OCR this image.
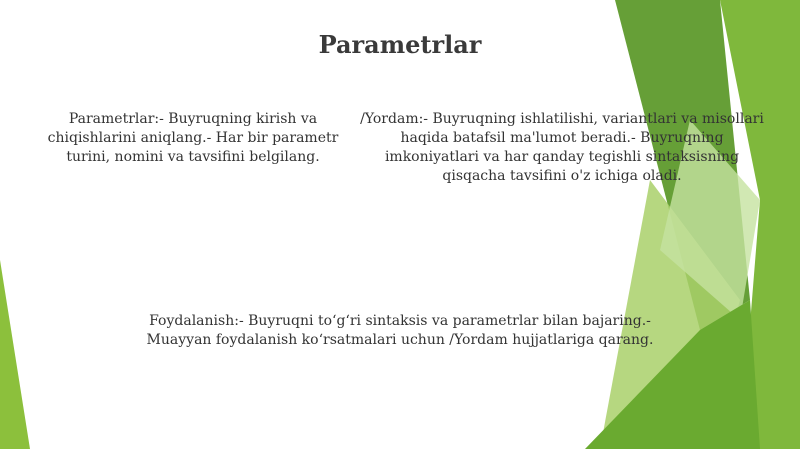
Parametrlar

Parametrlar:- Buyruqning kirish va chiqishlarini aniqlang.- Har bir parametr turini, nomini va tavsifini belgilang.

/Yordam:- Buyruqning ishlatilishi, variantlari va misollari haqida batafsil ma'lumot beradi.- Buyruqning imkoniyatlari va har qanday tegishli sintaksisning qisqacha tavsifini o'z ichiga oladi.

Foydalanish:- Buyruqni to‘g‘ri sintaksis va parametrlar bilan bajaring.- Muayyan foydalanish ko‘rsatmalari uchun /Yordam hujjatlariga qarang.
